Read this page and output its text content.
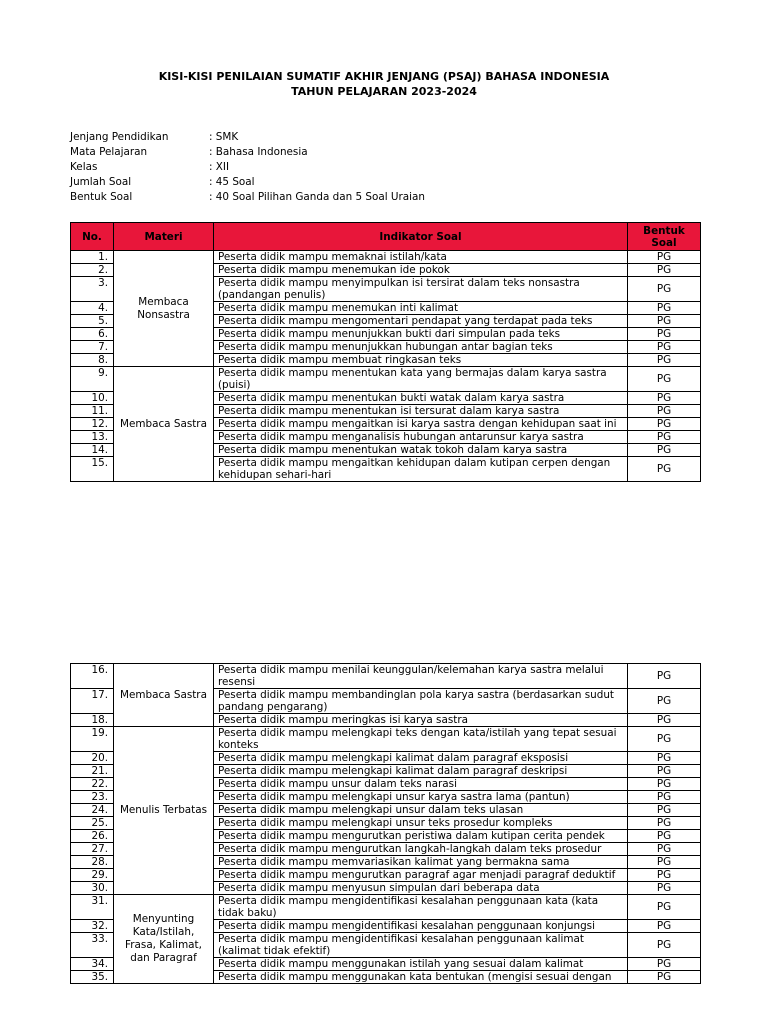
KISI-KISI PENILAIAN SUMATIF AKHIR JENJANG (PSAJ) BAHASA INDONESIA
TAHUN PELAJARAN 2023-2024
Jenjang Pendidikan	: SMK
Mata Pelajaran	: Bahasa Indonesia
Kelas	: XII
Jumlah Soal	: 45 Soal
Bentuk Soal	: 40 Soal Pilihan Ganda dan 5 Soal Uraian
No.	Materi	Indikator Soal	Bentuk Soal
1.	Membaca Nonsastra	Peserta didik mampu memaknai istilah/kata	PG
2.		Peserta didik mampu menemukan ide pokok	PG
3.		Peserta didik mampu menyimpulkan isi tersirat dalam teks nonsastra (pandangan penulis)	PG
4.		Peserta didik mampu menemukan inti kalimat	PG
5.		Peserta didik mampu mengomentari pendapat yang terdapat pada teks	PG
6.		Peserta didik mampu menunjukkan bukti dari simpulan pada teks	PG
7.		Peserta didik mampu menunjukkan hubungan antar bagian teks	PG
8.		Peserta didik mampu membuat ringkasan teks	PG
9.	Membaca Sastra	Peserta didik mampu menentukan kata yang bermajas dalam karya sastra (puisi)	PG
10.		Peserta didik mampu menentukan bukti watak dalam karya sastra	PG
11.		Peserta didik mampu menentukan isi tersurat dalam karya sastra	PG
12.		Peserta didik mampu mengaitkan isi karya sastra dengan kehidupan saat ini	PG
13.		Peserta didik mampu menganalisis hubungan antarunsur karya sastra	PG
14.		Peserta didik mampu menentukan watak tokoh dalam karya sastra	PG
15.		Peserta didik mampu mengaitkan kehidupan dalam kutipan cerpen dengan kehidupan sehari-hari	PG
16.	Membaca Sastra	Peserta didik mampu menilai keunggulan/kelemahan karya sastra melalui resensi	PG
17.		Peserta didik mampu membandinglan pola karya sastra (berdasarkan sudut pandang pengarang)	PG
18.		Peserta didik mampu meringkas isi karya sastra	PG
19.	Menulis Terbatas	Peserta didik mampu melengkapi teks dengan kata/istilah yang tepat sesuai konteks	PG
20.		Peserta didik mampu melengkapi kalimat dalam paragraf eksposisi	PG
21.		Peserta didik mampu melengkapi kalimat dalam paragraf deskripsi	PG
22.		Peserta didik mampu unsur dalam teks narasi	PG
23.		Peserta didik mampu melengkapi unsur karya sastra lama (pantun)	PG
24.		Peserta didik mampu melengkapi unsur dalam teks ulasan	PG
25.		Peserta didik mampu melengkapi unsur teks prosedur kompleks	PG
26.		Peserta didik mampu mengurutkan peristiwa dalam kutipan cerita pendek	PG
27.		Peserta didik mampu mengurutkan langkah-langkah dalam teks prosedur	PG
28.		Peserta didik mampu memvariasikan kalimat yang bermakna sama	PG
29.		Peserta didik mampu mengurutkan paragraf agar menjadi paragraf deduktif	PG
30.		Peserta didik mampu menyusun simpulan dari beberapa data	PG
31.	Menyunting Kata/Istilah, Frasa, Kalimat, dan Paragraf	Peserta didik mampu mengidentifikasi kesalahan penggunaan kata (kata tidak baku)	PG
32.		Peserta didik mampu mengidentifikasi kesalahan penggunaan konjungsi	PG
33.		Peserta didik mampu mengidentifikasi kesalahan penggunaan kalimat (kalimat tidak efektif)	PG
34.		Peserta didik mampu menggunakan istilah yang sesuai dalam kalimat	PG
35.		Peserta didik mampu menggunakan kata bentukan (mengisi sesuai dengan	PG
